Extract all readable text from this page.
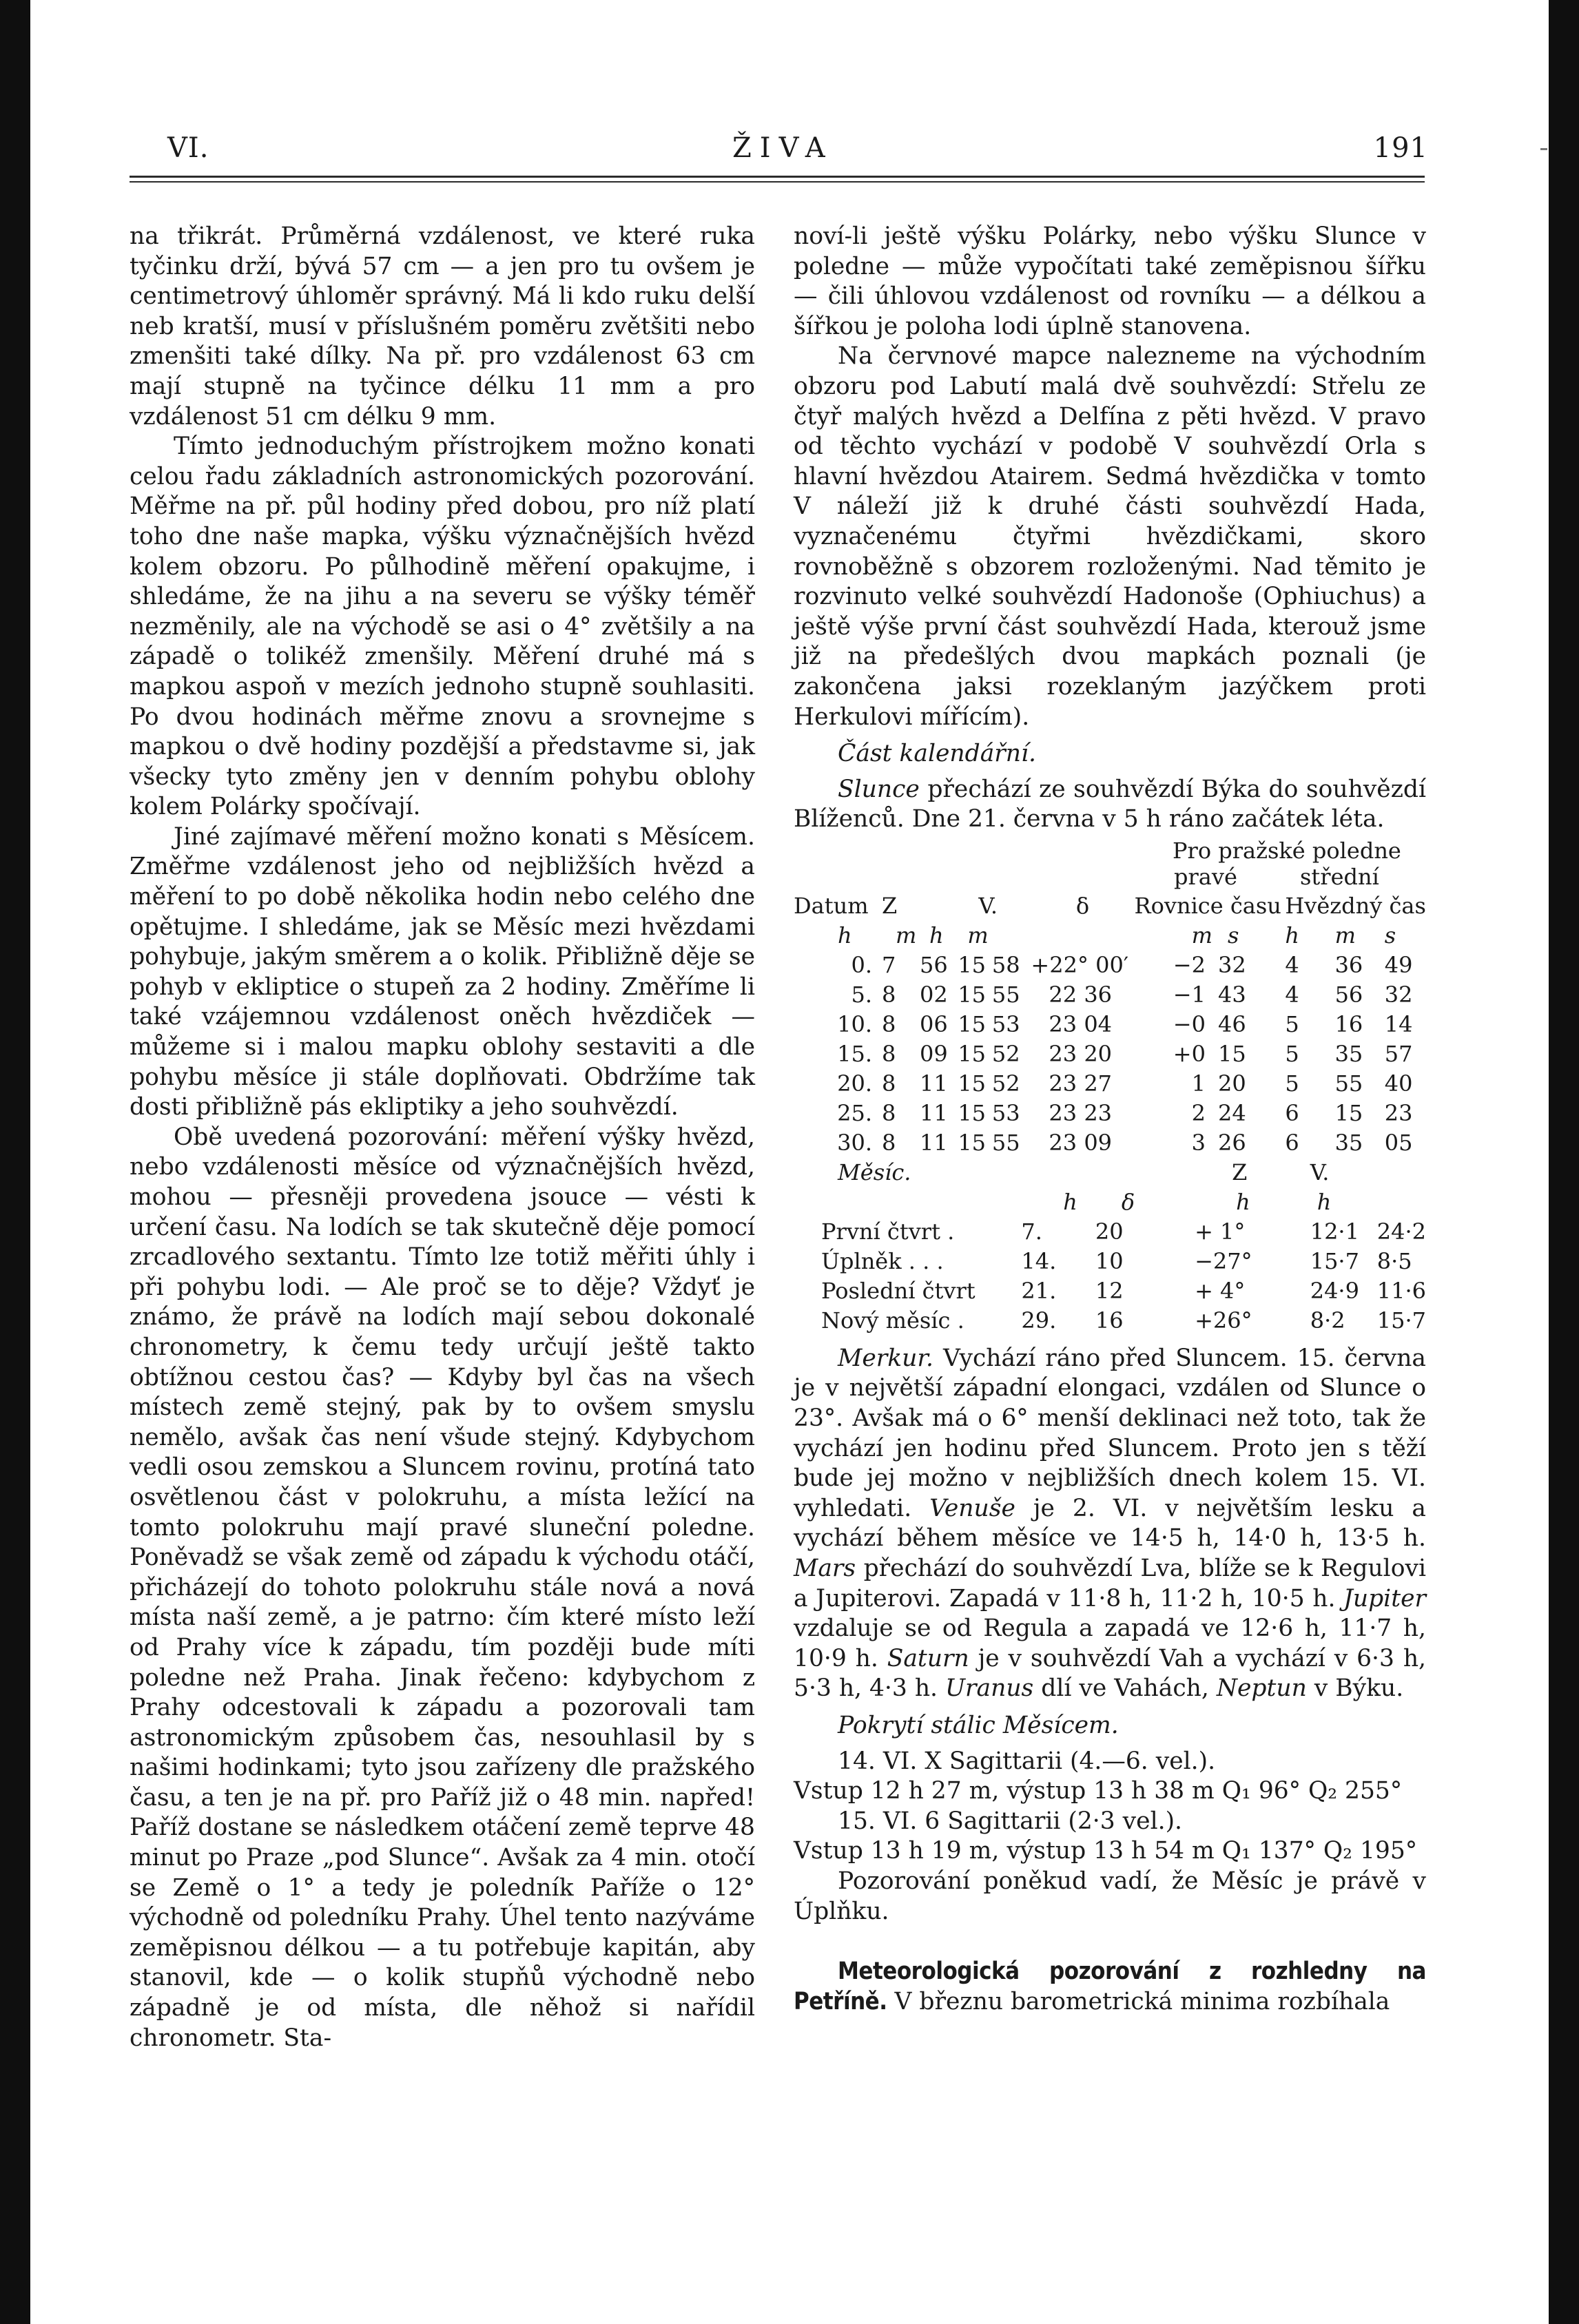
VI.	ŽIVA	191

na třikrát. Průměrná vzdálenost, ve které ruka tyčinku drží, bývá 57 cm — a jen pro tu ovšem je centimetrový úhloměr správný. Má li kdo ruku delší neb kratší, musí v příslušném poměru zvětšiti nebo zmenšiti také dílky. Na př. pro vzdálenost 63 cm mají stupně na tyčince délku 11 mm a pro vzdálenost 51 cm délku 9 mm.

Tímto jednoduchým přístrojkem možno konati celou řadu základních astronomických pozorování. Měřme na př. půl hodiny před dobou, pro níž platí toho dne naše mapka, výšku význačnějších hvězd kolem obzoru. Po půlhodině měření opakujme, i shledáme, že na jihu a na severu se výšky téměř nezměnily, ale na východě se asi o 4° zvětšily a na západě o tolikéž zmenšily. Měření druhé má s mapkou aspoň v mezích jednoho stupně souhlasiti. Po dvou hodinách měřme znovu a srovnejme s mapkou o dvě hodiny pozdější a představme si, jak všecky tyto změny jen v denním pohybu oblohy kolem Polárky spočívají.

Jiné zajímavé měření možno konati s Měsícem. Změřme vzdálenost jeho od nejbližších hvězd a měření to po době několika hodin nebo celého dne opětujme. I shledáme, jak se Měsíc mezi hvězdami pohybuje, jakým směrem a o kolik. Přibližně děje se pohyb v ekliptice o stupeň za 2 hodiny. Změříme li také vzájemnou vzdálenost oněch hvězdiček — můžeme si i malou mapku oblohy sestaviti a dle pohybu měsíce ji stále doplňovati. Obdržíme tak dosti přibližně pás ekliptiky a jeho souhvězdí.

Obě uvedená pozorování: měření výšky hvězd, nebo vzdálenosti měsíce od význačnějších hvězd, mohou — přesněji provedena jsouce — vésti k určení času. Na lodích se tak skutečně děje pomocí zrcadlového sextantu. Tímto lze totiž měřiti úhly i při pohybu lodi. — Ale proč se to děje? Vždyť je známo, že právě na lodích mají sebou dokonalé chronometry, k čemu tedy určují ještě takto obtížnou cestou čas? — Kdyby byl čas na všech místech země stejný, pak by to ovšem smyslu nemělo, avšak čas není všude stejný. Kdybychom vedli osou zemskou a Sluncem rovinu, protíná tato osvětlenou část v polokruhu, a místa ležící na tomto polokruhu mají pravé sluneční poledne. Poněvadž se však země od západu k východu otáčí, přicházejí do tohoto polokruhu stále nová a nová místa naší země, a je patrno: čím které místo leží od Prahy více k západu, tím později bude míti poledne než Praha. Jinak řečeno: kdybychom z Prahy odcestovali k západu a pozorovali tam astronomickým způsobem čas, nesouhlasil by s našimi hodinkami; tyto jsou zařízeny dle pražského času, a ten je na př. pro Paříž již o 48 min. napřed! Paříž dostane se následkem otáčení země teprve 48 minut po Praze „pod Slunce“. Avšak za 4 min. otočí se Země o 1° a tedy je poledník Paříže o 12° východně od poledníku Prahy. Úhel tento nazýváme zeměpisnou délkou — a tu potřebuje kapitán, aby stanovil, kde — o kolik stupňů východně nebo západně je od místa, dle něhož si nařídil chronometr. Sta-

noví-li ještě výšku Polárky, nebo výšku Slunce v poledne — může vypočítati také zeměpisnou šířku — čili úhlovou vzdálenost od rovníku — a délkou a šířkou je poloha lodi úplně stanovena.

Na červnové mapce nalezneme na východním obzoru pod Labutí malá dvě souhvězdí: Střelu ze čtyř malých hvězd a Delfína z pěti hvězd. V pravo od těchto vychází v podobě V souhvězdí Orla s hlavní hvězdou Atairem. Sedmá hvězdička v tomto V náleží již k druhé části souhvězdí Hada, vyznačenému čtyřmi hvězdičkami, skoro rovnoběžně s obzorem rozloženými. Nad těmito je rozvinuto velké souhvězdí Hadonoše (Ophiuchus) a ještě výše první část souhvězdí Hada, kterouž jsme již na předešlých dvou mapkách poznali (je zakončena jaksi rozeklaným jazýčkem proti Herkulovi mířícím).

Část kalendářní.

Slunce přechází ze souhvězdí Býka do souhvězdí Blíženců. Dne 21. června v 5 h ráno začátek léta.

Pro pražské poledne
pravé	střední
Datum	Z		V.		δ	Rovnice času		Hvězdný čas		
h	m	h	m			m	s	h	m	s
0.	7	56	15	58	+22° 00′	−2	32	4	36	49
5.	8	02	15	55	22 36	−1	43	4	56	32
10.	8	06	15	53	23 04	−0	46	5	16	14
15.	8	09	15	52	23 20	+0	15	5	35	57
20.	8	11	15	52	23 27	1	20	5	55	40
25.	8	11	15	53	23 23	2	24	6	15	23
30.	8	11	15	55	23 09	3	26	6	35	05
Měsíc.			Z	V.	
	h	δ	h	h	
První čtvrt .	7.	20	+ 1°	12·1	24·2
Úplněk . . .	14.	10	−27°	15·7	8·5
Poslední čtvrt	21.	12	+ 4°	24·9	11·6
Nový měsíc .	29.	16	+26°	8·2	15·7

Merkur. Vychází ráno před Sluncem. 15. června je v největší západní elongaci, vzdálen od Slunce o 23°. Avšak má o 6° menší deklinaci než toto, tak že vychází jen hodinu před Sluncem. Proto jen s těží bude jej možno v nejbližších dnech kolem 15. VI. vyhledati. Venuše je 2. VI. v největším lesku a vychází během měsíce ve 14·5 h, 14·0 h, 13·5 h. Mars přechází do souhvězdí Lva, blíže se k Regulovi a Jupiterovi. Zapadá v 11·8 h, 11·2 h, 10·5 h. Jupiter vzdaluje se od Regula a zapadá ve 12·6 h, 11·7 h, 10·9 h. Saturn je v souhvězdí Vah a vychází v 6·3 h, 5·3 h, 4·3 h. Uranus dlí ve Vahách, Neptun v Býku.

Pokrytí stálic Měsícem.

14. VI. X Sagittarii (4.—6. vel.).

Vstup 12 h 27 m, výstup 13 h 38 m Q₁ 96° Q₂ 255°

15. VI. 6 Sagittarii (2·3 vel.).

Vstup 13 h 19 m, výstup 13 h 54 m Q₁ 137° Q₂ 195°

Pozorování poněkud vadí, že Měsíc je právě v Úplňku.

Meteorologická pozorování z rozhledny na Petříně. V březnu barometrická minima rozbíhala
